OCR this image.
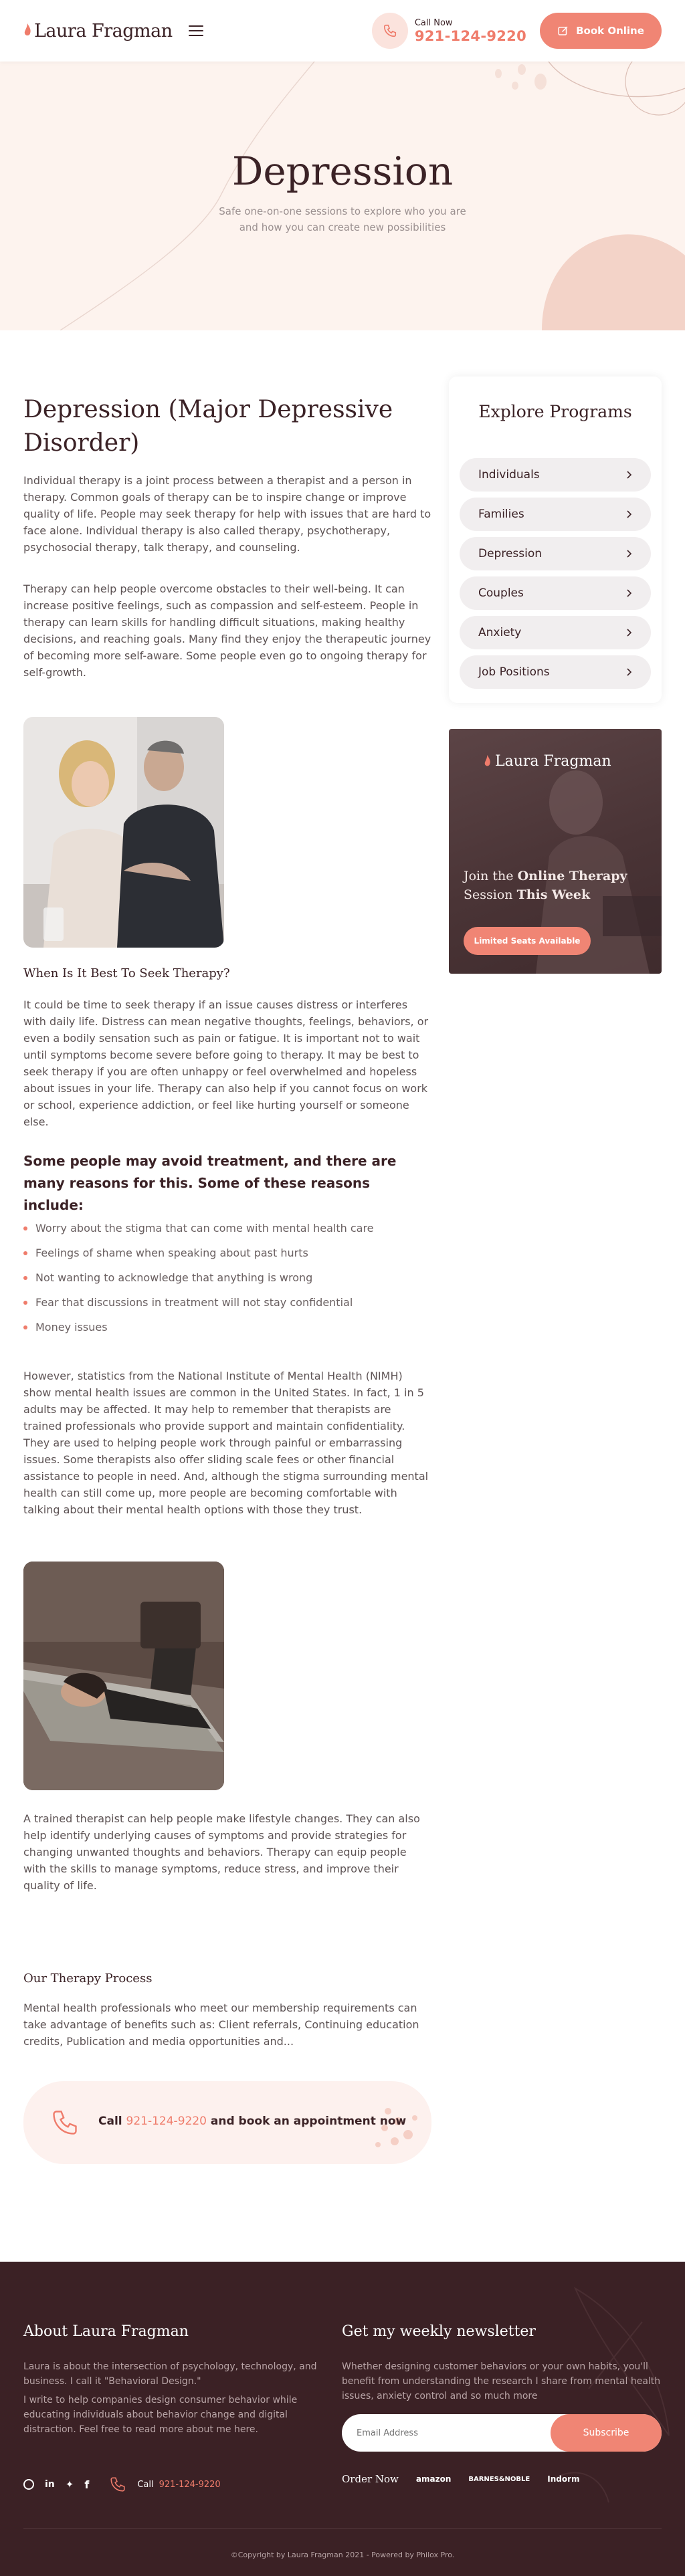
Laura Fragman	Call Now
921-124-9220	Book Online
Depression

Safe one-on-one sessions to explore who you are

and how you can create new possibilities

Depression (Major Depressive Disorder)

Individual therapy is a joint process between a therapist and a person in therapy. Common goals of therapy can be to inspire change or improve quality of life. People may seek therapy for help with issues that are hard to face alone. Individual therapy is also called therapy, psychotherapy, psychosocial therapy, talk therapy, and counseling.

Therapy can help people overcome obstacles to their well-being. It can increase positive feelings, such as compassion and self-esteem. People in therapy can learn skills for handling difficult situations, making healthy decisions, and reaching goals. Many find they enjoy the therapeutic journey of becoming more self-aware. Some people even go to ongoing therapy for self-growth.

When Is It Best To Seek Therapy?

It could be time to seek therapy if an issue causes distress or interferes with daily life. Distress can mean negative thoughts, feelings, behaviors, or even a bodily sensation such as pain or fatigue. It is important not to wait until symptoms become severe before going to therapy. It may be best to seek therapy if you are often unhappy or feel overwhelmed and hopeless about issues in your life. Therapy can also help if you cannot focus on work or school, experience addiction, or feel like hurting yourself or someone else.

Some people may avoid treatment, and there are many reasons for this. Some of these reasons include:
Worry about the stigma that can come with mental health care
Feelings of shame when speaking about past hurts
Not wanting to acknowledge that anything is wrong
Fear that discussions in treatment will not stay confidential
Money issues

However, statistics from the National Institute of Mental Health (NIMH) show mental health issues are common in the United States. In fact, 1 in 5 adults may be affected. It may help to remember that therapists are trained professionals who provide support and maintain confidentiality. They are used to helping people work through painful or embarrassing issues. Some therapists also offer sliding scale fees or other financial assistance to people in need. And, although the stigma surrounding mental health can still come up, more people are becoming comfortable with talking about their mental health options with those they trust.

A trained therapist can help people make lifestyle changes. They can also help identify underlying causes of symptoms and provide strategies for changing unwanted thoughts and behaviors. Therapy can equip people with the skills to manage symptoms, reduce stress, and improve their quality of life.

Our Therapy Process

Mental health professionals who meet our membership requirements can take advantage of benefits such as: Client referrals, Continuing education credits, Publication and media opportunities and...

Call 921-124-9220 and book an appointment now
Explore Programs
Individuals
Families
Depression
Couples
Anxiety
Job Positions
Laura Fragman
Join the Online Therapy
Session This Week
Limited Seats Available
About Laura Fragman

Laura is about the intersection of psychology, technology, and business. I call it "Behavioral Design."

I write to help companies design consumer behavior while educating individuals about behavior change and digital distraction. Feel free to read more about me here.

in ✦ f	Call 921-124-9220
Get my weekly newsletter

Whether designing customer behaviors or your own habits, you'll benefit from understanding the research I share from mental health issues, anxiety control and so much more

Email Address
Subscribe
Order Now amazon	BARNES&NOBLE Indorm
©Copyright by Laura Fragman 2021 - Powered by Philox Pro.
